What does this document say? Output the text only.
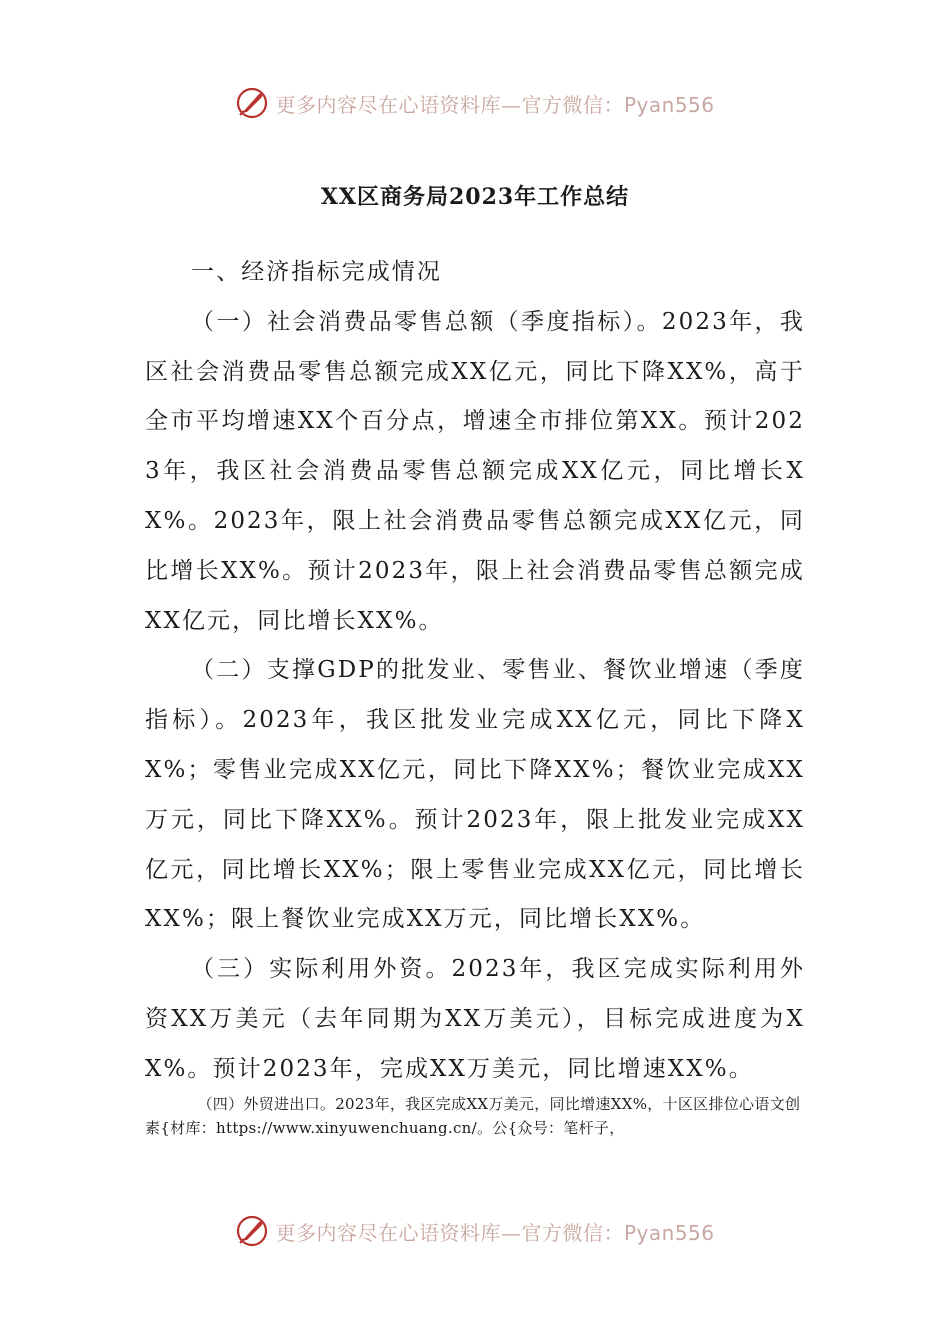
更多内容尽在心语资料库—官方微信：Pyan556
XX区商务局2023年工作总结

一、经济指标完成情况

（一）社会消费品零售总额（季度指标）。2023年，我区社会消费品零售总额完成XX亿元，同比下降XX%，高于全市平均增速XX个百分点，增速全市排位第XX。预计2023年，我区社会消费品零售总额完成XX亿元，同比增长XX%。2023年，限上社会消费品零售总额完成XX亿元，同比增长XX%。预计2023年，限上社会消费品零售总额完成XX亿元，同比增长XX%。

（二）支撑GDP的批发业、零售业、餐饮业增速（季度指标）。2023年，我区批发业完成XX亿元，同比下降XX%；零售业完成XX亿元，同比下降XX%；餐饮业完成XX万元，同比下降XX%。预计2023年，限上批发业完成XX亿元，同比增长XX%；限上零售业完成XX亿元，同比增长XX%；限上餐饮业完成XX万元，同比增长XX%。

（三）实际利用外资。2023年，我区完成实际利用外资XX万美元（去年同期为XX万美元），目标完成进度为XX%。预计2023年，完成XX万美元，同比增速XX%。

（四）外贸进出口。2023年，我区完成XX万美元，同比增速XX%，十区区排位心语文创素{材库：https://www.xinyuwenchuang.cn/。公{众号：笔杆子，

更多内容尽在心语资料库—官方微信：Pyan556
